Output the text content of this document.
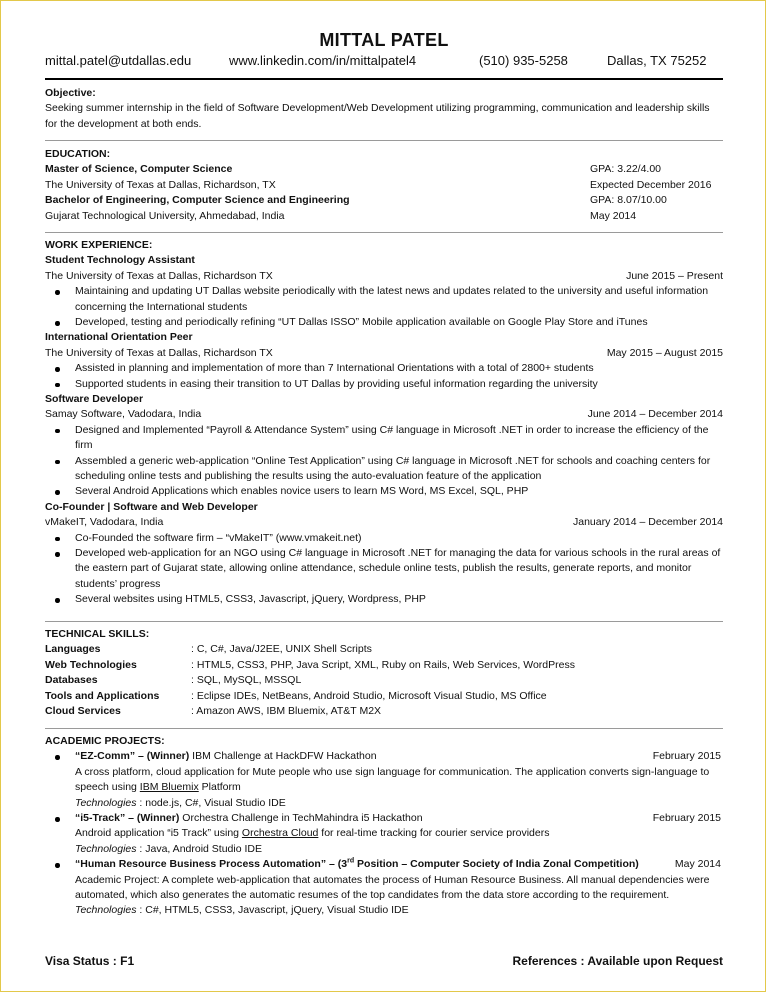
MITTAL PATEL
mittal.patel@utdallas.edu	www.linkedin.com/in/mittalpatel4	(510) 935-5258	Dallas, TX 75252
Objective:
Seeking summer internship in the field of Software Development/Web Development utilizing programming, communication and leadership skills for the development at both ends.
EDUCATION:
Master of Science, Computer Science	GPA: 3.22/4.00
The University of Texas at Dallas, Richardson, TX	Expected December 2016
Bachelor of Engineering, Computer Science and Engineering	GPA: 8.07/10.00
Gujarat Technological University, Ahmedabad, India	May 2014
WORK EXPERIENCE:
Student Technology Assistant
The University of Texas at Dallas, Richardson TX	June 2015 – Present
Maintaining and updating UT Dallas website periodically with the latest news and updates related to the university and useful information concerning the International students
Developed, testing and periodically refining “UT Dallas ISSO” Mobile application available on Google Play Store and iTunes
International Orientation Peer
The University of Texas at Dallas, Richardson TX	May 2015 – August 2015
Assisted in planning and implementation of more than 7 International Orientations with a total of 2800+ students
Supported students in easing their transition to UT Dallas by providing useful information regarding the university
Software Developer
Samay Software, Vadodara, India	June 2014 – December 2014
Designed and Implemented “Payroll & Attendance System” using C# language in Microsoft .NET in order to increase the efficiency of the firm
Assembled a generic web-application “Online Test Application” using C# language in Microsoft .NET for schools and coaching centers for scheduling online tests and publishing the results using the auto-evaluation feature of the application
Several Android Applications which enables novice users to learn MS Word, MS Excel, SQL, PHP
Co-Founder | Software and Web Developer
vMakeIT, Vadodara, India	January 2014 – December 2014
Co-Founded the software firm – “vMakeIT” (www.vmakeit.net)
Developed web-application for an NGO using C# language in Microsoft .NET for managing the data for various schools in the rural areas of the eastern part of Gujarat state, allowing online attendance, schedule online tests, publish the results, generate reports, and monitor students’ progress
Several websites using HTML5, CSS3, Javascript, jQuery, Wordpress, PHP
TECHNICAL SKILLS:
Languages	: C, C#, Java/J2EE, UNIX Shell Scripts
Web Technologies	: HTML5, CSS3, PHP, Java Script, XML, Ruby on Rails, Web Services, WordPress
Databases	: SQL, MySQL, MSSQL
Tools and Applications	: Eclipse IDEs, NetBeans, Android Studio, Microsoft Visual Studio, MS Office
Cloud Services	: Amazon AWS, IBM Bluemix, AT&T M2X
ACADEMIC PROJECTS:
“EZ-Comm” – (Winner) IBM Challenge at HackDFW Hackathon	February 2015
A cross platform, cloud application for Mute people who use sign language for communication. The application converts sign-language to speech using IBM Bluemix Platform
Technologies : node.js, C#, Visual Studio IDE
“i5-Track” – (Winner) Orchestra Challenge in TechMahindra i5 Hackathon	February 2015
Android application “i5 Track” using Orchestra Cloud for real-time tracking for courier service providers
Technologies : Java, Android Studio IDE
“Human Resource Business Process Automation” – (3rd Position – Computer Society of India Zonal Competition)	May 2014
Academic Project: A complete web-application that automates the process of Human Resource Business. All manual dependencies were automated, which also generates the automatic resumes of the top candidates from the data store according to the requirement.
Technologies : C#, HTML5, CSS3, Javascript, jQuery, Visual Studio IDE
Visa Status : F1	References : Available upon Request
